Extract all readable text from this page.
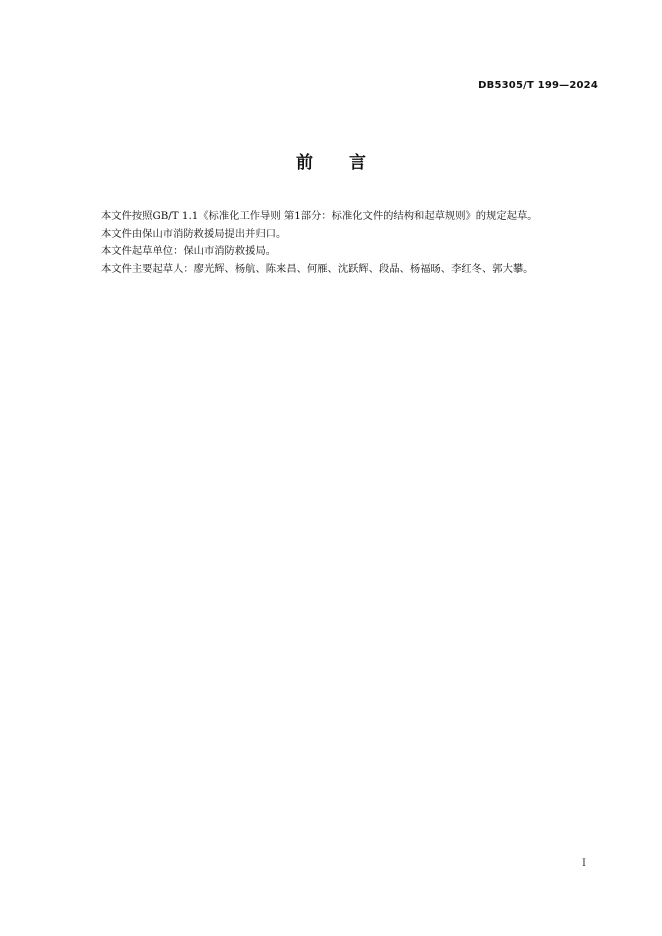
DB5305/T 199—2024
前言

本文件按照GB/T 1.1《标准化工作导则 第1部分：标准化文件的结构和起草规则》的规定起草。

本文件由保山市消防救援局提出并归口。

本文件起草单位：保山市消防救援局。

本文件主要起草人：廖光辉、杨航、陈来昌、何雁、沈跃辉、段晶、杨福旸、李红冬、郭大攀。

I
